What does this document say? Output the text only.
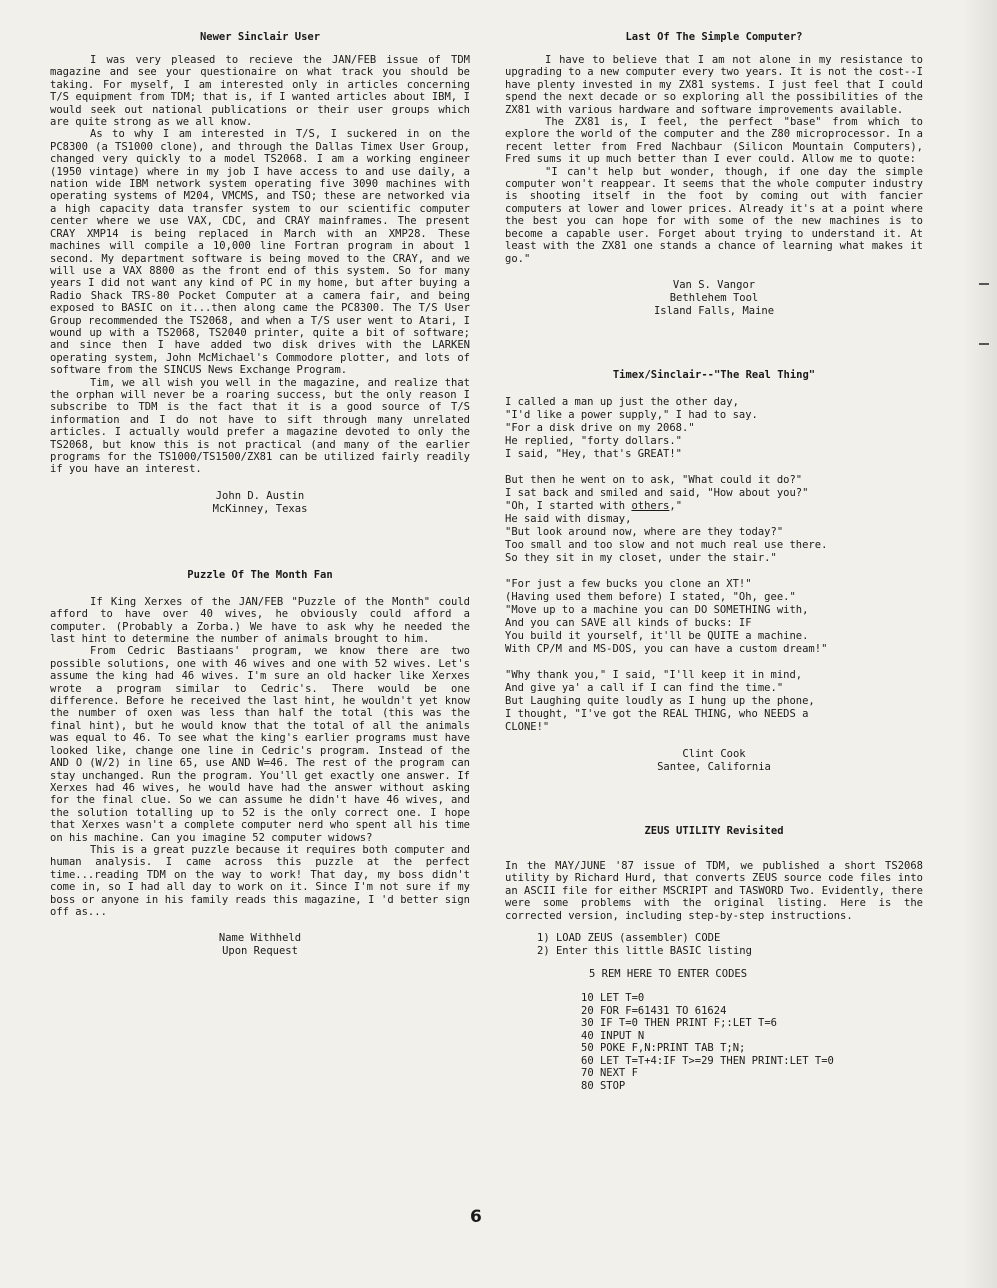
Newer Sinclair User

I was very pleased to recieve the JAN/FEB issue of TDM magazine and see your questionaire on what track you should be taking. For myself, I am interested only in articles concerning T/S equipment from TDM; that is, if I wanted articles about IBM, I would seek out national publications or their user groups which are quite strong as we all know.

As to why I am interested in T/S, I suckered in on the PC8300 (a TS1000 clone), and through the Dallas Timex User Group, changed very quickly to a model TS2068. I am a working engineer (1950 vintage) where in my job I have access to and use daily, a nation wide IBM network system operating five 3090 machines with operating systems of M204, VMCMS, and TSO; these are networked via a high capacity data transfer system to our scientific computer center where we use VAX, CDC, and CRAY mainframes. The present CRAY XMP14 is being replaced in March with an XMP28. These machines will compile a 10,000 line Fortran program in about 1 second. My department software is being moved to the CRAY, and we will use a VAX 8800 as the front end of this system. So for many years I did not want any kind of PC in my home, but after buying a Radio Shack TRS-80 Pocket Computer at a camera fair, and being exposed to BASIC on it...then along came the PC8300. The T/S User Group recommended the TS2068, and when a T/S user went to Atari, I wound up with a TS2068, TS2040 printer, quite a bit of software; and since then I have added two disk drives with the LARKEN operating system, John McMichael's Commodore plotter, and lots of software from the SINCUS News Exchange Program.

Tim, we all wish you well in the magazine, and realize that the orphan will never be a roaring success, but the only reason I subscribe to TDM is the fact that it is a good source of T/S information and I do not have to sift through many unrelated articles. I actually would prefer a magazine devoted to only the TS2068, but know this is not practical (and many of the earlier programs for the TS1000/TS1500/ZX81 can be utilized fairly readily if you have an interest.

John D. Austin
McKinney, Texas
Puzzle Of The Month Fan

If King Xerxes of the JAN/FEB "Puzzle of the Month" could afford to have over 40 wives, he obviously could afford a computer. (Probably a Zorba.) We have to ask why he needed the last hint to determine the number of animals brought to him.

From Cedric Bastiaans' program, we know there are two possible solutions, one with 46 wives and one with 52 wives. Let's assume the king had 46 wives. I'm sure an old hacker like Xerxes wrote a program similar to Cedric's. There would be one difference. Before he received the last hint, he wouldn't yet know the number of oxen was less than half the total (this was the final hint), but he would know that the total of all the animals was equal to 46. To see what the king's earlier programs must have looked like, change one line in Cedric's program. Instead of the AND O (W/2) in line 65, use AND W=46. The rest of the program can stay unchanged. Run the program. You'll get exactly one answer. If Xerxes had 46 wives, he would have had the answer without asking for the final clue. So we can assume he didn't have 46 wives, and the solution totalling up to 52 is the only correct one. I hope that Xerxes wasn't a complete computer nerd who spent all his time on his machine. Can you imagine 52 computer widows?

This is a great puzzle because it requires both computer and human analysis. I came across this puzzle at the perfect time...reading TDM on the way to work! That day, my boss didn't come in, so I had all day to work on it. Since I'm not sure if my boss or anyone in his family reads this magazine, I 'd better sign off as...

Name Withheld
Upon Request
Last Of The Simple Computer?

I have to believe that I am not alone in my resistance to upgrading to a new computer every two years. It is not the cost--I have plenty invested in my ZX81 systems. I just feel that I could spend the next decade or so exploring all the possibilities of the ZX81 with various hardware and software improvements available.

The ZX81 is, I feel, the perfect "base" from which to explore the world of the computer and the Z80 microprocessor. In a recent letter from Fred Nachbaur (Silicon Mountain Computers), Fred sums it up much better than I ever could. Allow me to quote:

"I can't help but wonder, though, if one day the simple computer won't reappear. It seems that the whole computer industry is shooting itself in the foot by coming out with fancier computers at lower and lower prices. Already it's at a point where the best you can hope for with some of the new machines is to become a capable user. Forget about trying to understand it. At least with the ZX81 one stands a chance of learning what makes it go."

Van S. Vangor
Bethlehem Tool
Island Falls, Maine
Timex/Sinclair--"The Real Thing"
I called a man up just the other day,
"I'd like a power supply," I had to say.
"For a disk drive on my 2068."
He replied, "forty dollars."
I said, "Hey, that's GREAT!"
But then he went on to ask, "What could it do?"
I sat back and smiled and said, "How about you?"
"Oh, I started with others,"
He said with dismay,
"But look around now, where are they today?"
Too small and too slow and not much real use there.
So they sit in my closet, under the stair."
"For just a few bucks you clone an XT!"
(Having used them before) I stated, "Oh, gee."
"Move up to a machine you can DO SOMETHING with,
And you can SAVE all kinds of bucks: IF
You build it yourself, it'll be QUITE a machine.
With CP/M and MS-DOS, you can have a custom dream!"
"Why thank you," I said, "I'll keep it in mind,
And give ya' a call if I can find the time."
But Laughing quite loudly as I hung up the phone,
I thought, "I've got the REAL THING, who NEEDS a
CLONE!"
Clint Cook
Santee, California
ZEUS UTILITY Revisited

In the MAY/JUNE '87 issue of TDM, we published a short TS2068 utility by Richard Hurd, that converts ZEUS source code files into an ASCII file for either MSCRIPT and TASWORD Two. Evidently, there were some problems with the original listing. Here is the corrected version, including step-by-step instructions.

1) LOAD ZEUS (assembler) CODE
2) Enter this little BASIC listing
5 REM HERE TO ENTER CODES
10 LET T=0
20 FOR F=61431 TO 61624
30 IF T=0 THEN PRINT F;:LET T=6
40 INPUT N
50 POKE F,N:PRINT TAB T;N;
60 LET T=T+4:IF T>=29 THEN PRINT:LET T=0
70 NEXT F
80 STOP
6
